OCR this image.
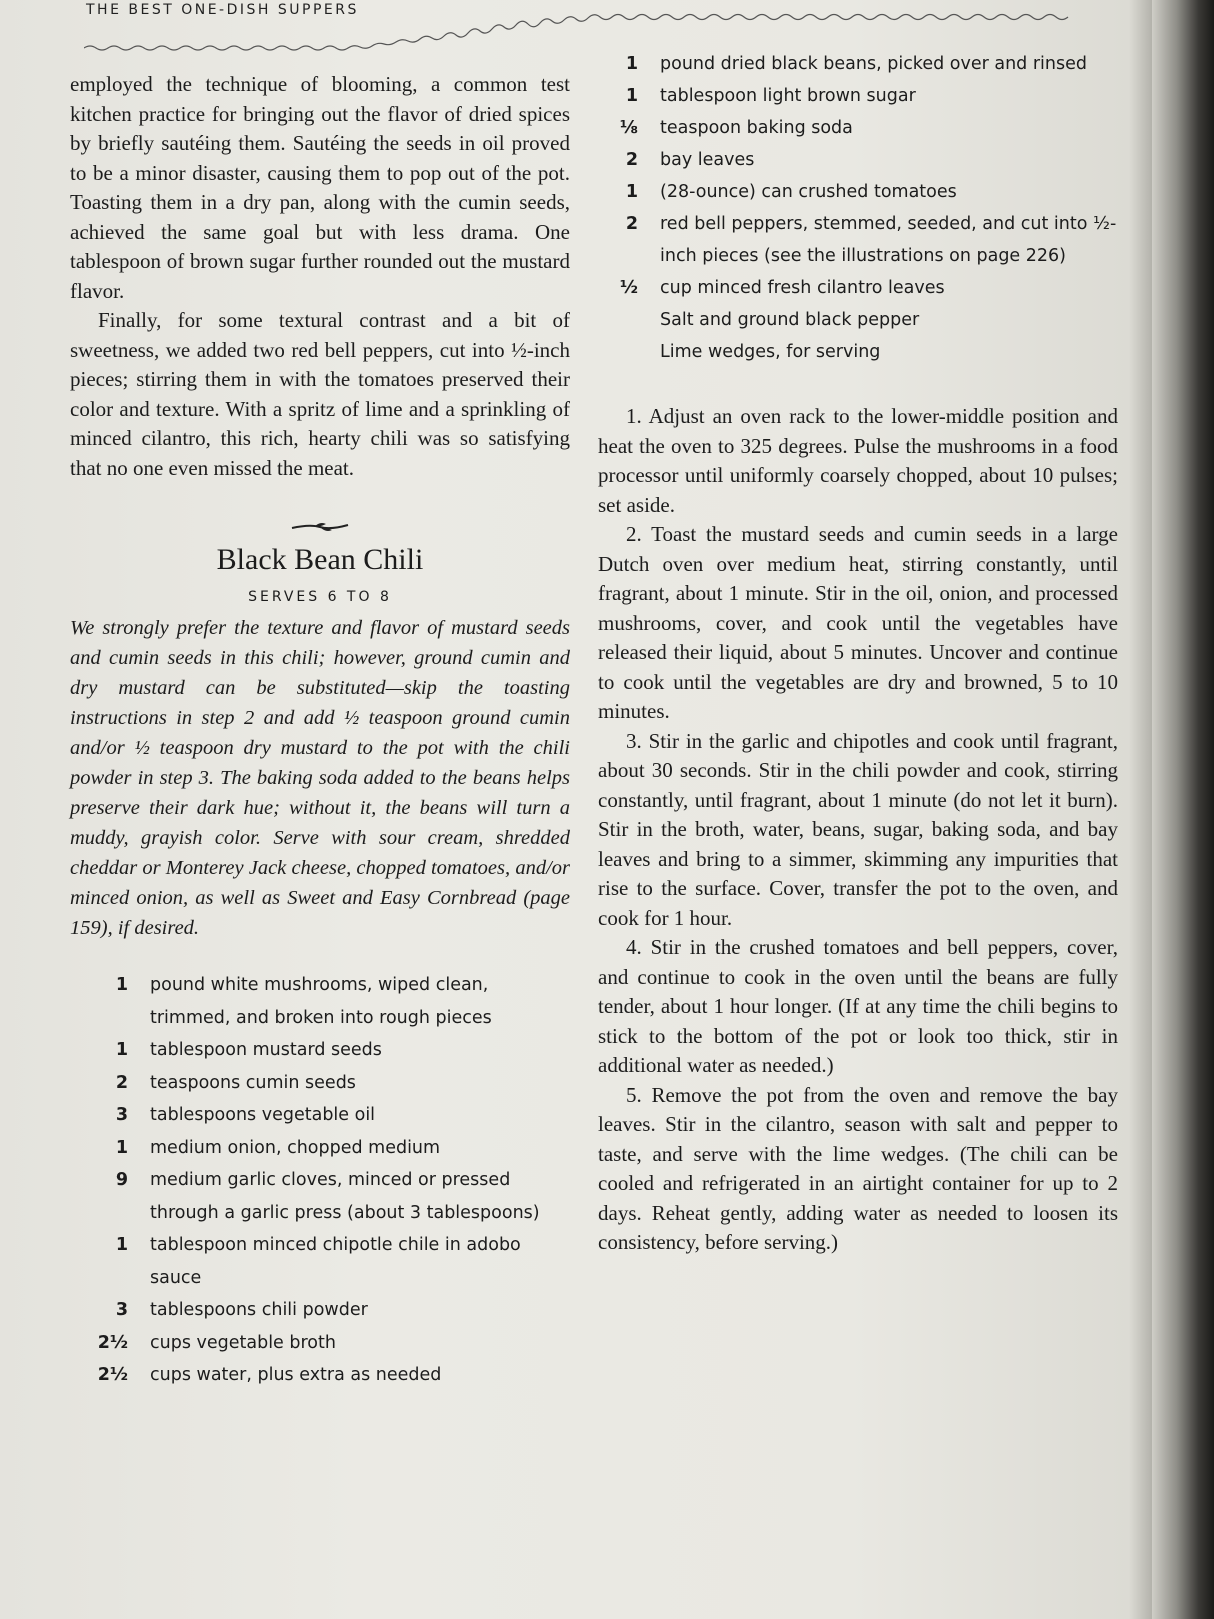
THE BEST ONE-DISH SUPPERS

employed the technique of blooming, a common test kitchen practice for bringing out the flavor of dried spices by briefly sautéing them. Sautéing the seeds in oil proved to be a minor disaster, causing them to pop out of the pot. Toasting them in a dry pan, along with the cumin seeds, achieved the same goal but with less drama. One tablespoon of brown sugar further rounded out the mustard flavor.

Finally, for some textural contrast and a bit of sweetness, we added two red bell peppers, cut into ½-inch pieces; stirring them in with the tomatoes preserved their color and texture. With a spritz of lime and a sprinkling of minced cilantro, this rich, hearty chili was so satisfying that no one even missed the meat.

Black Bean Chili
SERVES 6 TO 8

We strongly prefer the texture and flavor of mustard seeds and cumin seeds in this chili; however, ground cumin and dry mustard can be substituted—skip the toasting instructions in step 2 and add ½ teaspoon ground cumin and/or ½ teaspoon dry mustard to the pot with the chili powder in step 3. The baking soda added to the beans helps preserve their dark hue; without it, the beans will turn a muddy, grayish color. Serve with sour cream, shredded cheddar or Monterey Jack cheese, chopped tomatoes, and/or minced onion, as well as Sweet and Easy Cornbread (page 159), if desired.

1	pound white mushrooms, wiped clean, trimmed, and broken into rough pieces
1	tablespoon mustard seeds
2	teaspoons cumin seeds
3	tablespoons vegetable oil
1	medium onion, chopped medium
9	medium garlic cloves, minced or pressed through a garlic press (about 3 tablespoons)
1	tablespoon minced chipotle chile in adobo sauce
3	tablespoons chili powder
2½	cups vegetable broth
2½	cups water, plus extra as needed
1	pound dried black beans, picked over and rinsed
1	tablespoon light brown sugar
⅛	teaspoon baking soda
2	bay leaves
1	(28-ounce) can crushed tomatoes
2	red bell peppers, stemmed, seeded, and cut into ½-inch pieces (see the illustrations on page 226)
½	cup minced fresh cilantro leaves
Salt and ground black pepper
Lime wedges, for serving

1. Adjust an oven rack to the lower-middle position and heat the oven to 325 degrees. Pulse the mushrooms in a food processor until uniformly coarsely chopped, about 10 pulses; set aside.

2. Toast the mustard seeds and cumin seeds in a large Dutch oven over medium heat, stirring constantly, until fragrant, about 1 minute. Stir in the oil, onion, and processed mushrooms, cover, and cook until the vegetables have released their liquid, about 5 minutes. Uncover and continue to cook until the vegetables are dry and browned, 5 to 10 minutes.

3. Stir in the garlic and chipotles and cook until fragrant, about 30 seconds. Stir in the chili powder and cook, stirring constantly, until fragrant, about 1 minute (do not let it burn). Stir in the broth, water, beans, sugar, baking soda, and bay leaves and bring to a simmer, skimming any impurities that rise to the surface. Cover, transfer the pot to the oven, and cook for 1 hour.

4. Stir in the crushed tomatoes and bell peppers, cover, and continue to cook in the oven until the beans are fully tender, about 1 hour longer. (If at any time the chili begins to stick to the bottom of the pot or look too thick, stir in additional water as needed.)

5. Remove the pot from the oven and remove the bay leaves. Stir in the cilantro, season with salt and pepper to taste, and serve with the lime wedges. (The chili can be cooled and refrigerated in an airtight container for up to 2 days. Reheat gently, adding water as needed to loosen its consistency, before serving.)
